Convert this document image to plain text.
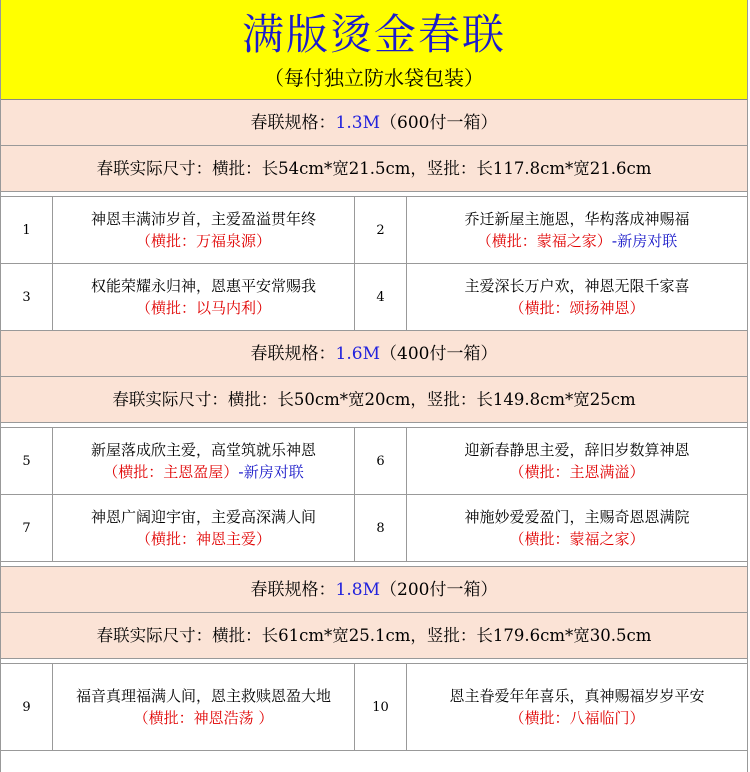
满版烫金春联
（每付独立防水袋包装）
春联规格：1.3M（600付一箱）
春联实际尺寸：横批：长54cm*宽21.5cm，竖批：长117.8cm*宽21.6cm
1
神恩丰满沛岁首，主爱盈溢贯年终
（横批：万福泉源）
2
乔迁新屋主施恩，华构落成神赐福
（横批：蒙福之家）-新房对联
3
权能荣耀永归神，恩惠平安常赐我
（横批：以马内利）
4
主爱深长万户欢，神恩无限千家喜
（横批：颂扬神恩）
春联规格：1.6M（400付一箱）
春联实际尺寸：横批：长50cm*宽20cm，竖批：长149.8cm*宽25cm
5
新屋落成欣主爱，高堂筑就乐神恩
（横批：主恩盈屋）-新房对联
6
迎新春静思主爱，辞旧岁数算神恩
（横批：主恩满溢）
7
神恩广阔迎宇宙，主爱高深满人间
（横批：神恩主爱）
8
神施妙爱爱盈门，主赐奇恩恩满院
（横批：蒙福之家）
春联规格：1.8M（200付一箱）
春联实际尺寸：横批：长61cm*宽25.1cm，竖批：长179.6cm*宽30.5cm
9
福音真理福满人间，恩主救赎恩盈大地
（横批：神恩浩荡 ）
10
恩主眷爱年年喜乐，真神赐福岁岁平安
（横批：八福临门）
